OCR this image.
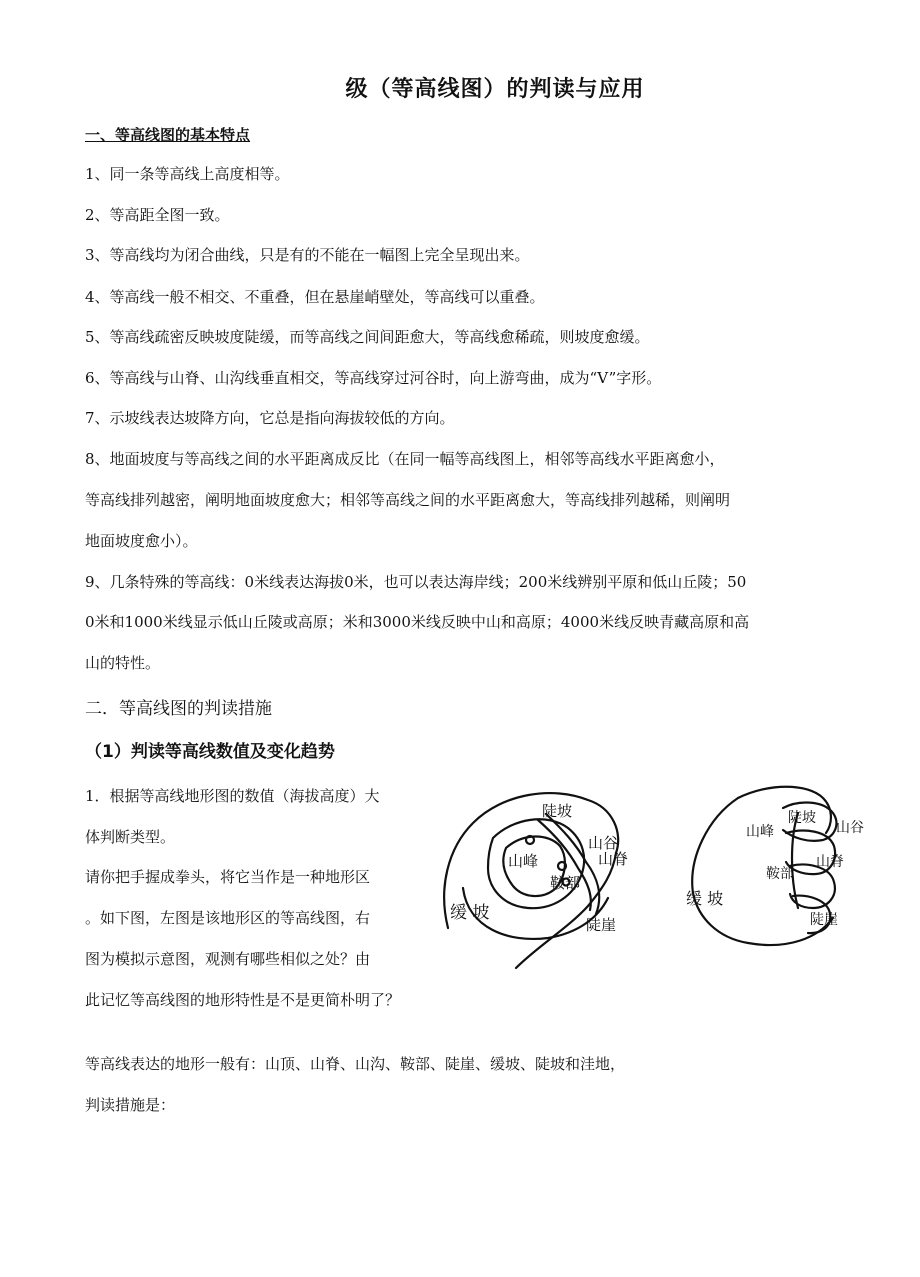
级（等高线图）的判读与应用
一、等高线图的基本特点
1、同一条等高线上高度相等。
2、等高距全图一致。
3、等高线均为闭合曲线，只是有的不能在一幅图上完全呈现出来。
4、等高线一般不相交、不重叠，但在悬崖峭壁处，等高线可以重叠。
5、等高线疏密反映坡度陡缓，而等高线之间间距愈大，等高线愈稀疏，则坡度愈缓。
6、等高线与山脊、山沟线垂直相交，等高线穿过河谷时，向上游弯曲，成为“V”字形。
7、示坡线表达坡降方向，它总是指向海拔较低的方向。
8、地面坡度与等高线之间的水平距离成反比（在同一幅等高线图上，相邻等高线水平距离愈小，
等高线排列越密，阐明地面坡度愈大；相邻等高线之间的水平距离愈大，等高线排列越稀，则阐明
地面坡度愈小）。
9、几条特殊的等高线：0米线表达海拔0米，也可以表达海岸线；200米线辨别平原和低山丘陵；50
0米和1000米线显示低山丘陵或高原；米和3000米线反映中山和高原；4000米线反映青藏高原和高
山的特性。
二．等高线图的判读措施
（1）判读等高线数值及变化趋势
1．根据等高线地形图的数值（海拔高度）大
体判断类型。
请你把手握成拳头，将它当作是一种地形区
。如下图，左图是该地形区的等高线图，右
图为模拟示意图，观测有哪些相似之处？由
此记忆等高线图的地形特性是不是更简朴明了？
等高线表达的地形一般有：山顶、山脊、山沟、鞍部、陡崖、缓坡、陡坡和洼地，
判读措施是：
陡坡
山谷
山脊
山峰
鞍部
缓 坡
陡崖
山峰
陡坡
山谷
山脊
鞍部
缓 坡
陡崖
